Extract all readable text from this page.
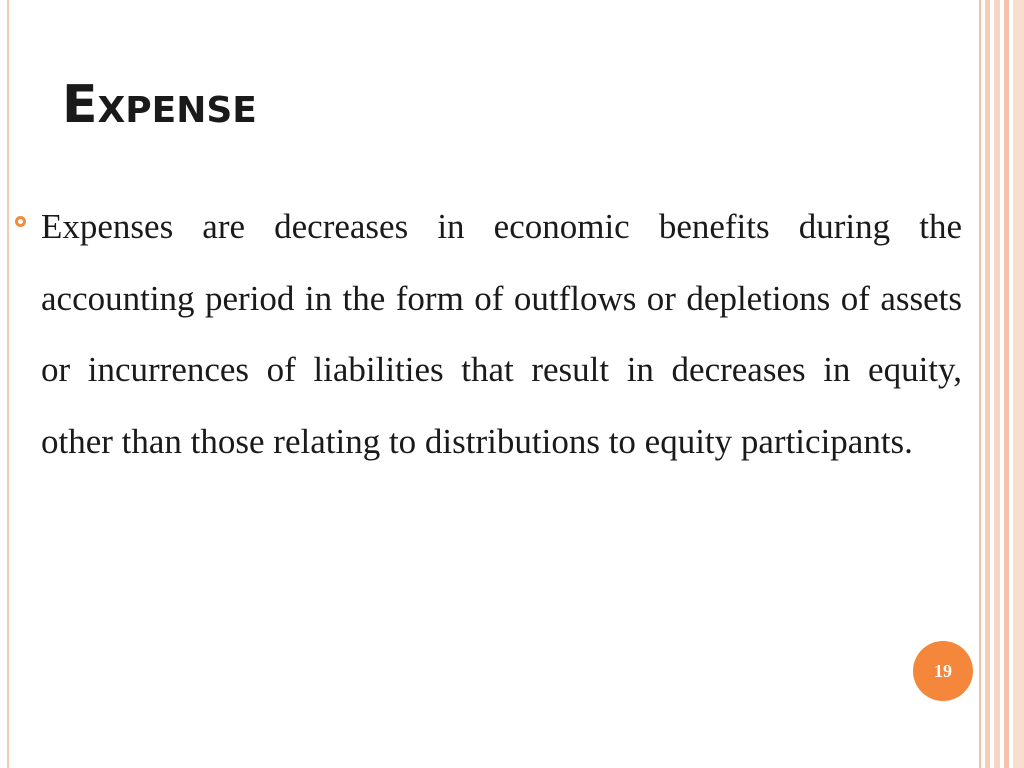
Expense

Expenses are decreases in economic benefits during the accounting period in the form of outflows or depletions of assets or incurrences of liabilities that result in decreases in equity, other than those relating to distributions to equity participants.

19
